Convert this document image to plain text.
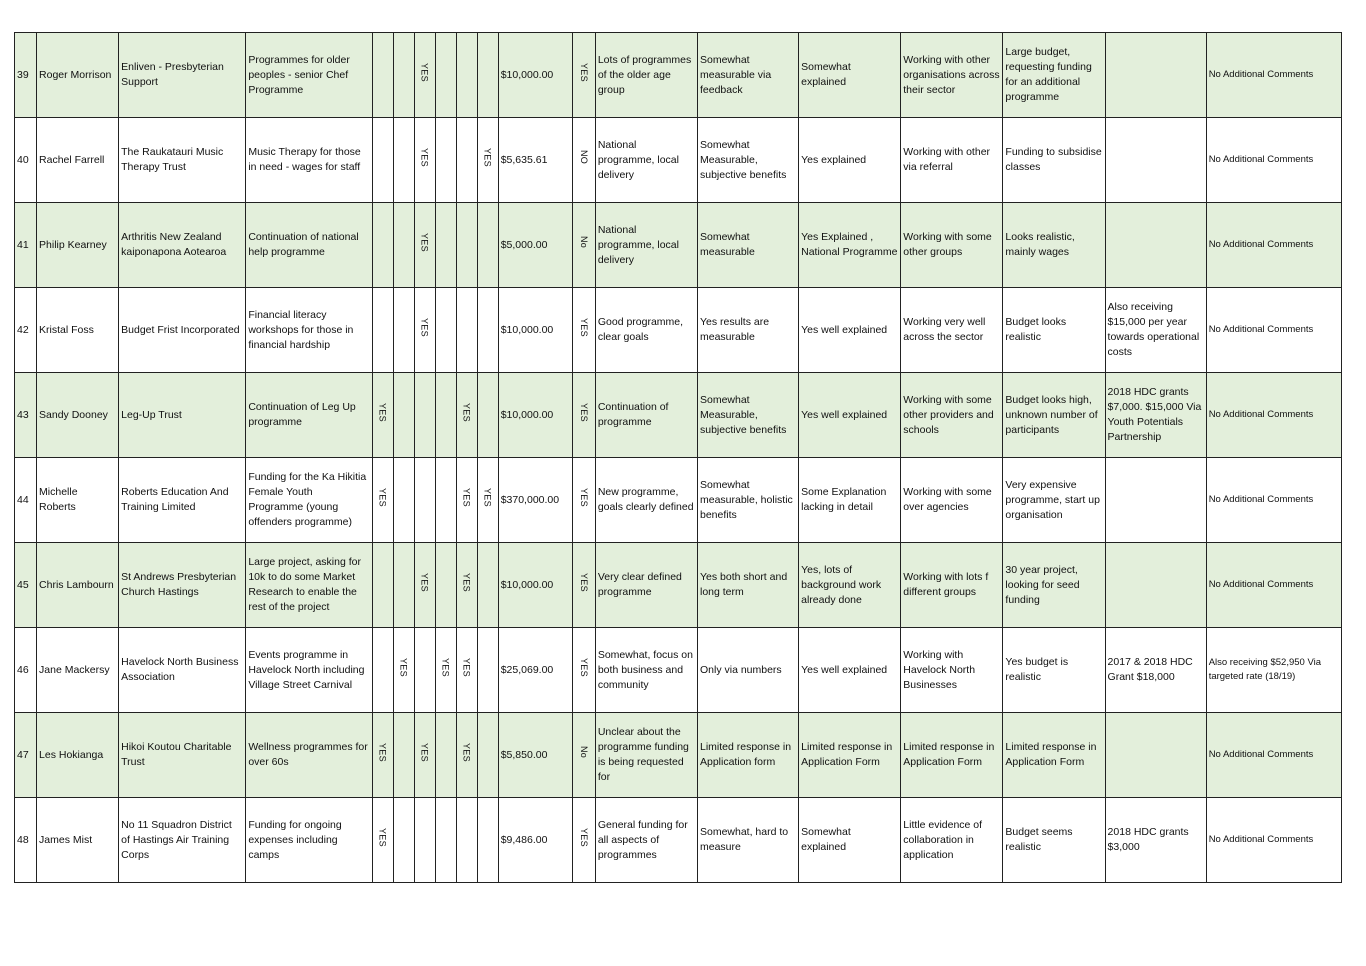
39	Roger Morrison	Enliven - Presbyterian Support	Programmes for older peoples - senior Chef Programme			YES				$10,000.00	YES	Lots of programmes of the older age group	Somewhat measurable via feedback	Somewhat explained	Working with other organisations across their sector	Large budget, requesting funding for an additional programme		No Additional Comments
40	Rachel Farrell	The Raukatauri Music Therapy Trust	Music Therapy for those in need - wages for staff			YES			YES	$5,635.61	NO	National programme, local delivery	Somewhat Measurable, subjective benefits	Yes explained	Working with other via referral	Funding to subsidise classes		No Additional Comments
41	Philip Kearney	Arthritis New Zealand kaiponapona Aotearoa	Continuation of national help programme			YES				$5,000.00	No	National programme, local delivery	Somewhat measurable	Yes Explained , National Programme	Working with some other groups	Looks realistic, mainly wages		No Additional Comments
42	Kristal Foss	Budget Frist Incorporated	Financial literacy workshops for those in financial hardship			YES				$10,000.00	YES	Good programme, clear goals	Yes results are measurable	Yes well explained	Working very well across the sector	Budget looks realistic	Also receiving $15,000 per year towards operational costs	No Additional Comments
43	Sandy Dooney	Leg-Up Trust	Continuation of Leg Up programme	YES				YES		$10,000.00	YES	Continuation of programme	Somewhat Measurable, subjective benefits	Yes well explained	Working with some other providers and schools	Budget looks high, unknown number of participants	2018 HDC grants $7,000. $15,000 Via Youth Potentials Partnership	No Additional Comments
44	Michelle Roberts	Roberts Education And Training Limited	Funding for the Ka Hikitia Female Youth Programme (young offenders programme)	YES				YES	YES	$370,000.00	YES	New programme, goals clearly defined	Somewhat measurable, holistic benefits	Some Explanation lacking in detail	Working with some over agencies	Very expensive programme, start up organisation		No Additional Comments
45	Chris Lambourn	St Andrews Presbyterian Church Hastings	Large project, asking for 10k to do some Market Research to enable the rest of the project			YES		YES		$10,000.00	YES	Very clear defined programme	Yes both short and long term	Yes, lots of background work already done	Working with lots f different groups	30 year project, looking for seed funding		No Additional Comments
46	Jane Mackersy	Havelock North Business Association	Events programme in Havelock North including Village Street Carnival		YES		YES	YES		$25,069.00	YES	Somewhat, focus on both business and community	Only via numbers	Yes well explained	Working with Havelock North Businesses	Yes budget is realistic	2017 & 2018 HDC Grant $18,000	Also receiving $52,950 Via targeted rate (18/19)
47	Les Hokiangа	Hikoi Koutou Charitable Trust	Wellness programmes for over 60s	YES		YES		YES		$5,850.00	No	Unclear about the programme funding is being requested for	Limited response in Application form	Limited response in Application Form	Limited response in Application Form	Limited response in Application Form		No Additional Comments
48	James Mist	No 11 Squadron District of Hastings Air Training Corps	Funding for ongoing expenses including camps	YES						$9,486.00	YES	General funding for all aspects of programmes	Somewhat, hard to measure	Somewhat explained	Little evidence of collaboration in application	Budget seems realistic	2018 HDC grants $3,000	No Additional Comments
